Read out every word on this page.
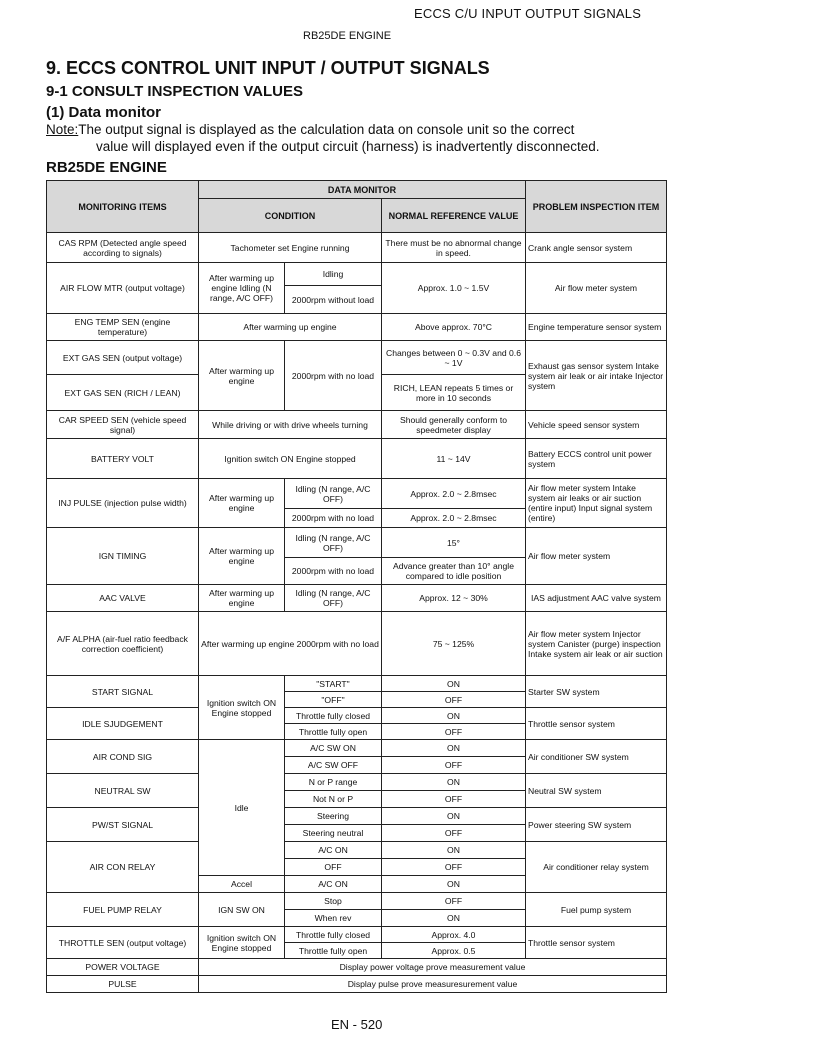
ECCS C/U INPUT OUTPUT SIGNALS
RB25DE ENGINE
9. ECCS CONTROL UNIT INPUT / OUTPUT SIGNALS
9-1 CONSULT INSPECTION VALUES
(1) Data monitor
Note:The output signal is displayed as the calculation data on console unit so the correct
value will displayed even if the output circuit (harness) is inadvertently disconnected.
RB25DE ENGINE
MONITORING ITEMS	DATA MONITOR			PROBLEM INSPECTION ITEM
	CONDITION		NORMAL REFERENCE VALUE	
CAS RPM (Detected angle speed according to signals)	Tachometer set Engine running		There must be no abnormal change in speed.	Crank angle sensor system
AIR FLOW MTR (output voltage)	After warming up engine Idling (N range, A/C OFF)	Idling	Approx. 1.0 ~ 1.5V	Air flow meter system
		2000rpm without load		
ENG TEMP SEN (engine temperature)	After warming up engine		Above approx. 70°C	Engine temperature sensor system
EXT GAS SEN (output voltage)	After warming up engine	2000rpm with no load	Changes between 0 ~ 0.3V and 0.6 ~ 1V	Exhaust gas sensor system Intake system air leak or air intake Injector system
EXT GAS SEN (RICH / LEAN)			RICH, LEAN repeats 5 times or more in 10 seconds	
CAR SPEED SEN (vehicle speed signal)	While driving or with drive wheels turning		Should generally conform to speedmeter display	Vehicle speed sensor system
BATTERY VOLT	Ignition switch ON Engine stopped		11 ~ 14V	Battery ECCS control unit power system
INJ PULSE (injection pulse width)	After warming up engine	Idling (N range, A/C OFF)	Approx. 2.0 ~ 2.8msec	Air flow meter system Intake system air leaks or air suction (entire input) Input signal system (entire)
		2000rpm with no load	Approx. 2.0 ~ 2.8msec	
IGN TIMING	After warming up engine	Idling (N range, A/C OFF)	15°	Air flow meter system
		2000rpm with no load	Advance greater than 10° angle compared to idle position	
AAC VALVE	After warming up engine	Idling (N range, A/C OFF)	Approx. 12 ~ 30%	IAS adjustment AAC valve system
A/F ALPHA (air-fuel ratio feedback correction coefficient)	After warming up engine 2000rpm with no load		75 ~ 125%	Air flow meter system Injector system Canister (purge) inspection Intake system air leak or air suction
START SIGNAL	Ignition switch ON Engine stopped	"START"	ON	Starter SW system
		"OFF"	OFF	
IDLE SJUDGEMENT		Throttle fully closed	ON	Throttle sensor system
		Throttle fully open	OFF	
AIR COND SIG	Idle	A/C SW ON	ON	Air conditioner SW system
		A/C SW OFF	OFF	
NEUTRAL SW		N or P range	ON	Neutral SW system
		Not N or P	OFF	
PW/ST SIGNAL		Steering	ON	Power steering SW system
		Steering neutral	OFF	
AIR CON RELAY		A/C ON	ON	Air conditioner relay system
		OFF	OFF	
	Accel	A/C ON	ON	
FUEL PUMP RELAY	IGN SW ON	Stop	OFF	Fuel pump system
		When rev	ON	
THROTTLE SEN (output voltage)	Ignition switch ON Engine stopped	Throttle fully closed	Approx. 4.0	Throttle sensor system
		Throttle fully open	Approx. 0.5	
POWER VOLTAGE	Display power voltage prove measurement value			
PULSE	Display pulse prove measuresurement value			
EN - 520
